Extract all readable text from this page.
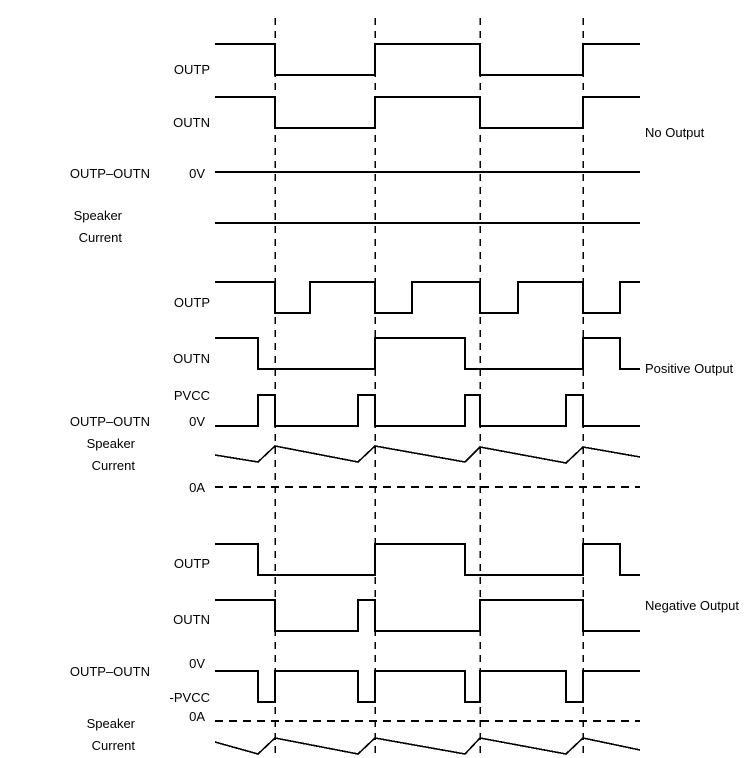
OUTP
OUTN
OUTP–OUTN	0V
Speaker
Current
No Output
OUTP
OUTN
OUTP–OUTN
PVCC
0V
Speaker
Current
0A
Positive Output
OUTP
OUTN
OUTP–OUTN
0V
-PVCC
0A
Speaker
Current
Negative Output
